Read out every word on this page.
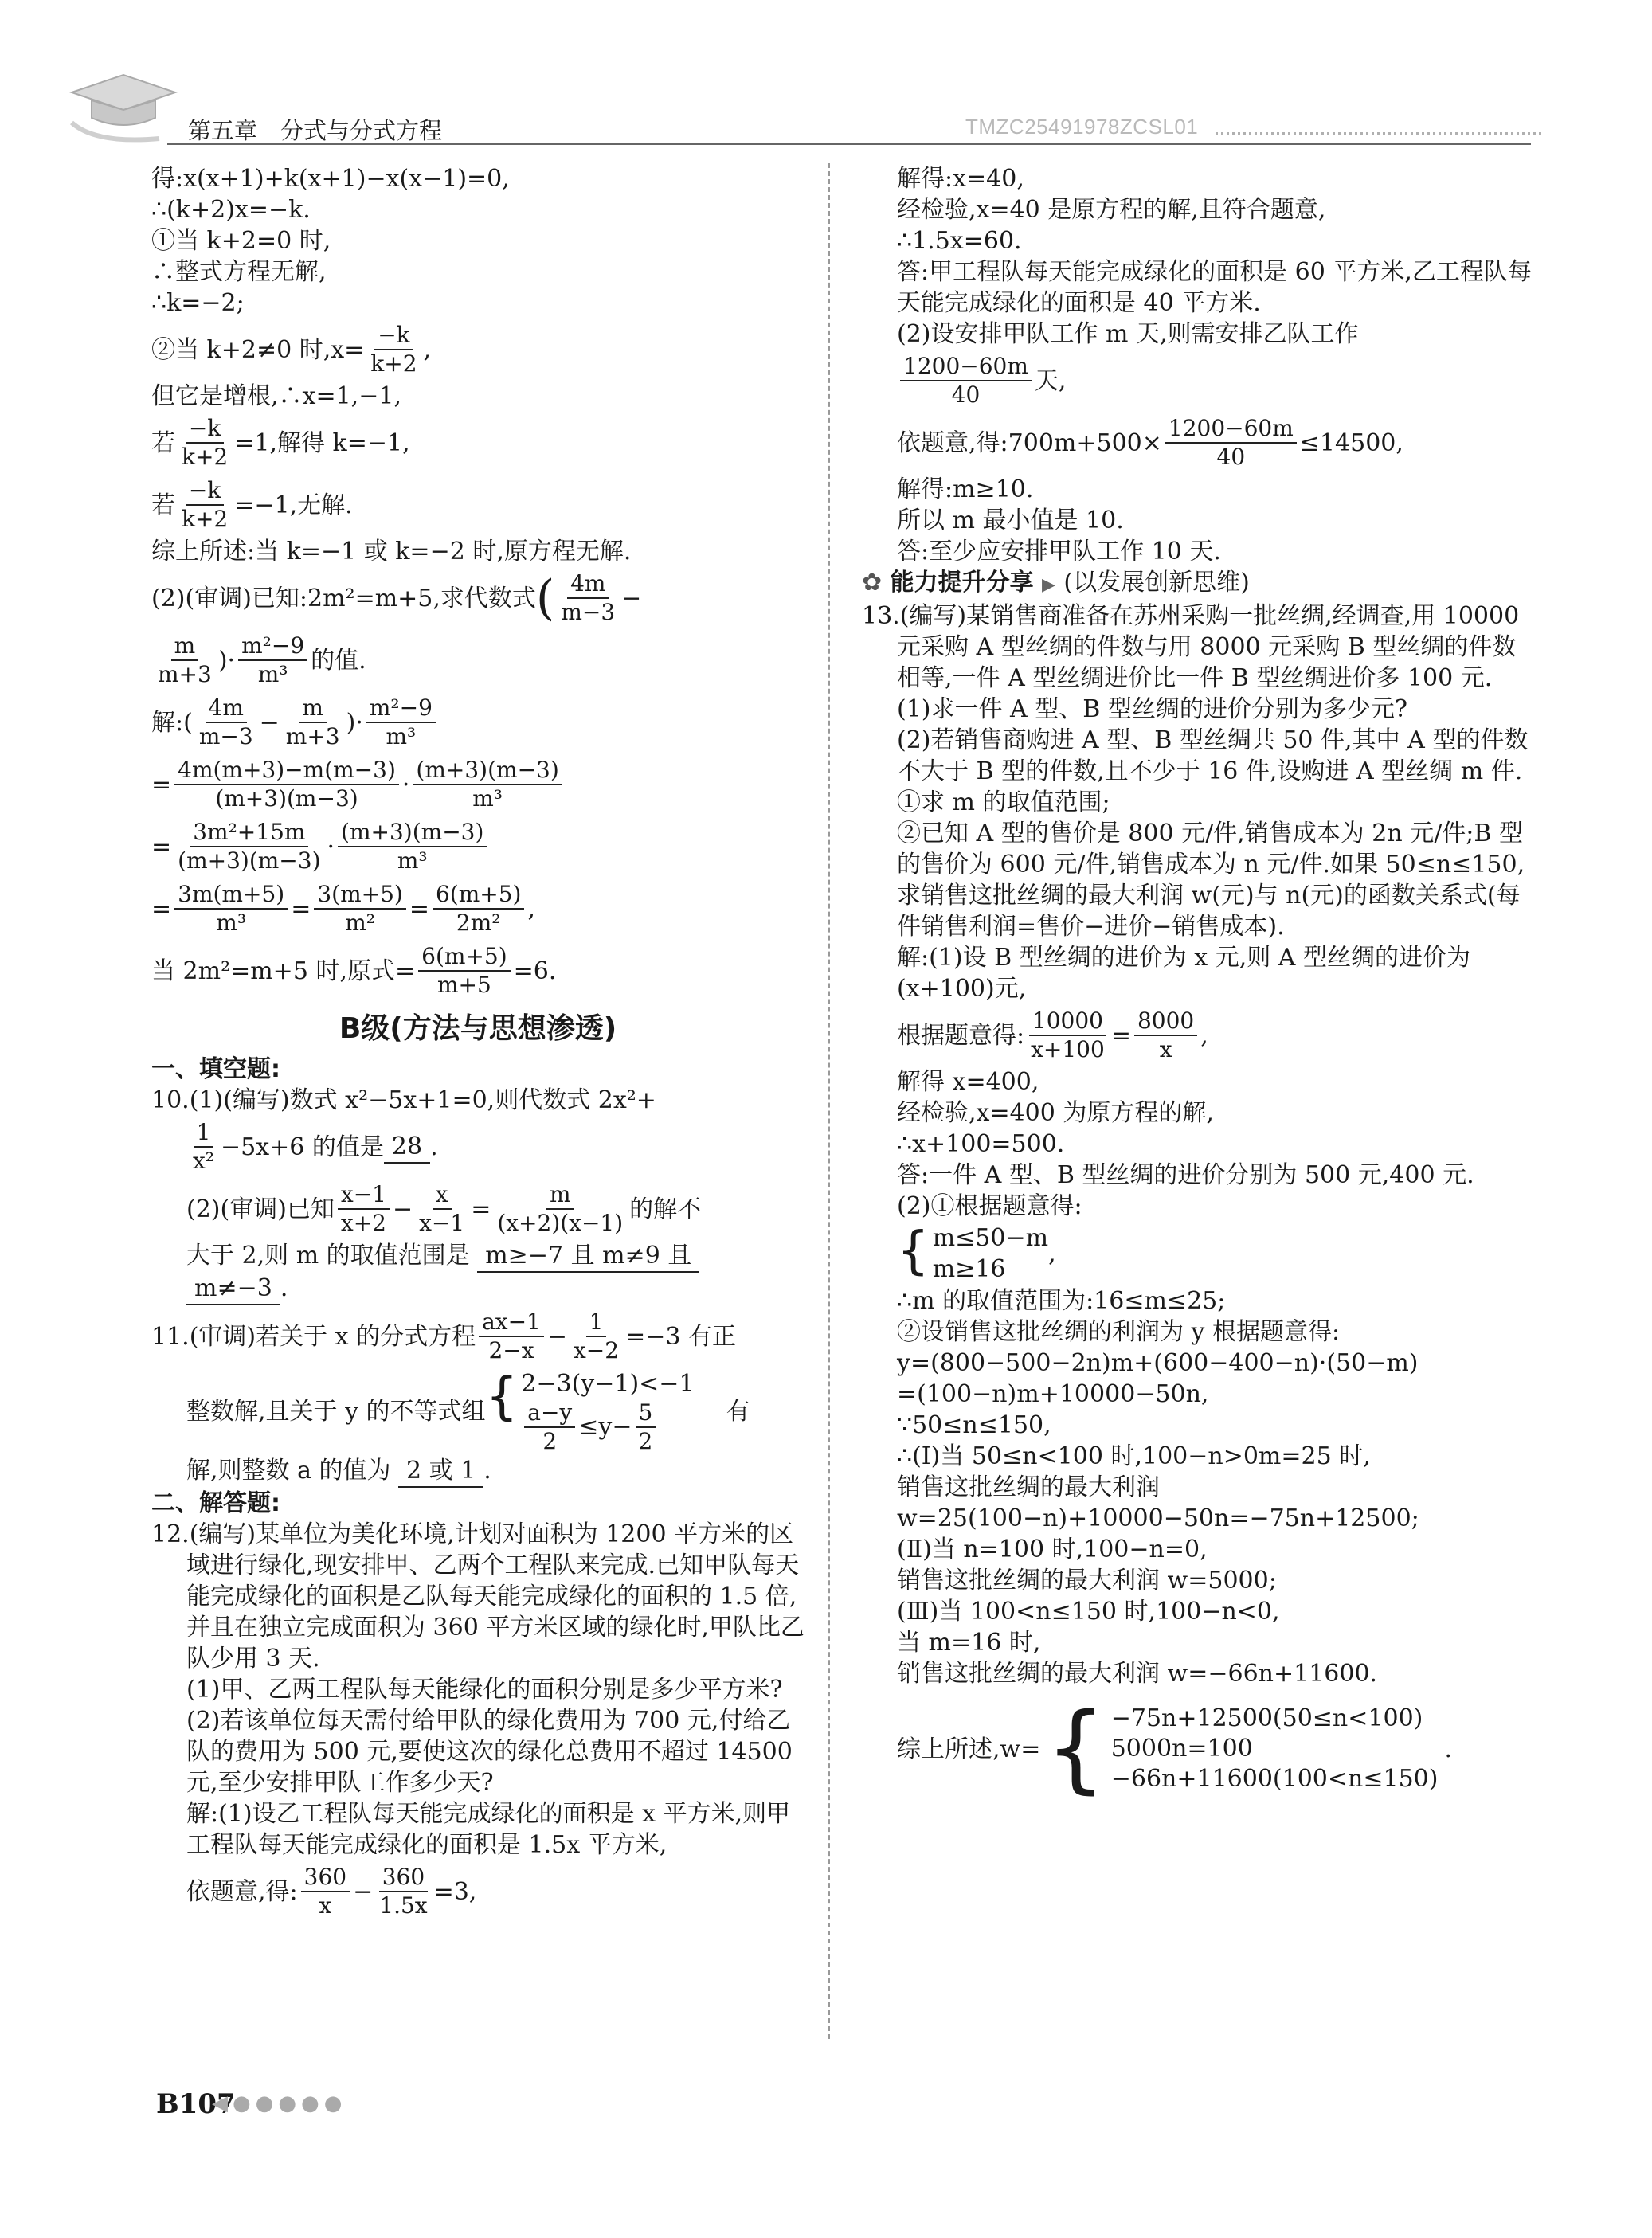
第五章　分式与分式方程	TMZC25491978ZCSL01
得:x(x+1)+k(x+1)−x(x−1)=0,
∴(k+2)x=−k.
①当 k+2=0 时,
∴整式方程无解,
∴k=−2;
②当 k+2≠0 时$,x= \frac{-k}{k+2}$ ,
但它是增根,∴x=1,−1,
若 $\frac{-k}{k+2} =1$,解得 k=−1,
若 $\frac{-k}{k+2} =-1$,无解.
综上所述:当 k=−1 或 k=−2 时,原方程无解.
(2)(审调)已知:2m²=m+5,求代数式 ( $\frac{4m}{m-3}$ −
$\frac{m}{m+3}$ )· $\frac{\text{m²−9}}{\text{m³}}$ 的值.
解:( $\frac{4m}{m-3} - \frac{m}{m+3}$ )· $\frac{\text{m²−9}}{\text{m³}}$
= $\frac{4m(m+3)-m(m-3)}{(m+3)(m-3)} \cdot \frac{(m+3)(m-3)}{\text{m³}}$
= $\frac{\text{3m²+15m}}{(m+3)(m-3)} \cdot \frac{(m+3)(m-3)}{\text{m³}}$
= $\frac{3m(m+5)}{\text{m³}} = \frac{3(m+5)}{\text{m²}} = \frac{6(m+5)}{\text{2m²}}$ ,
当 2m²=m+5 时,原式= $\frac{6(m+5)}{m+5} =6$.
B级(方法与思想渗透)
一、填空题:
10.(1)(编写)数式 x²−5x+1=0,则代数式 2x²+
$\frac{1}{\text{x²}} -5x+6$ 的值是 28 .
(2)(审调)已知 $\frac{x-1}{x+2} - \frac{x}{x-1} = \frac{m}{(x+2)(x-1)}$ 的解不
大于 2,则 m 的取值范围是 m≥−7 且 m≠9 且
m≠−3 .
11.(审调)若关于 x 的分式方程 $\frac{ax-1}{2-x} - \frac{1}{x-2} =-3$ 有正
整数解,且关于 y 的不等式组 { 2−3(y−1)<−1
$\frac{a-y}{2} \le y- \frac{5}{2}$	有
解,则整数 a 的值为 2 或 1 .
二、解答题:
12.(编写)某单位为美化环境,计划对面积为 1200 平方米的区域进行绿化,现安排甲、乙两个工程队来完成.已知甲队每天能完成绿化的面积是乙队每天能完成绿化的面积的 1.5 倍,并且在独立完成面积为 360 平方米区域的绿化时,甲队比乙队少用 3 天.
(1)甲、乙两工程队每天能绿化的面积分别是多少平方米?
(2)若该单位每天需付给甲队的绿化费用为 700 元,付给乙队的费用为 500 元,要使这次的绿化总费用不超过 14500 元,至少安排甲队工作多少天?
解:(1)设乙工程队每天能完成绿化的面积是 x 平方米,则甲工程队每天能完成绿化的面积是 1.5x 平方米,
依题意,得: $\frac{360}{x} - \frac{360}{1.5x} =3$,
解得:x=40,
经检验,x=40 是原方程的解,且符合题意,
∴1.5x=60.
答:甲工程队每天能完成绿化的面积是 60 平方米,乙工程队每天能完成绿化的面积是 40 平方米.
(2)设安排甲队工作 m 天,则需安排乙队工作
$\frac{1200-60m}{40}$ 天,
依题意,得:700m+500× $\frac{1200-60m}{40} \le 14500$,
解得:m≥10.
所以 m 最小值是 10.
答:至少应安排甲队工作 10 天.
✿ 能力提升分享 ▶ (以发展创新思维)
13.(编写)某销售商准备在苏州采购一批丝绸,经调查,用 10000 元采购 A 型丝绸的件数与用 8000 元采购 B 型丝绸的件数相等,一件 A 型丝绸进价比一件 B 型丝绸进价多 100 元.
(1)求一件 A 型、B 型丝绸的进价分别为多少元?
(2)若销售商购进 A 型、B 型丝绸共 50 件,其中 A 型的件数不大于 B 型的件数,且不少于 16 件,设购进 A 型丝绸 m 件.
①求 m 的取值范围;
②已知 A 型的售价是 800 元/件,销售成本为 2n 元/件;B 型的售价为 600 元/件,销售成本为 n 元/件.如果 50≤n≤150,求销售这批丝绸的最大利润 w(元)与 n(元)的函数关系式(每件销售利润=售价−进价−销售成本).
解:(1)设 B 型丝绸的进价为 x 元,则 A 型丝绸的进价为(x+100)元,
根据题意得: $\frac{10000}{x+100} = \frac{8000}{x}$ ,
解得 x=400,
经检验,x=400 为原方程的解,
∴x+100=500.
答:一件 A 型、B 型丝绸的进价分别为 500 元,400 元.
(2)①根据题意得:
{ m≤50−m
m≥16
,
∴m 的取值范围为:16≤m≤25;
②设销售这批丝绸的利润为 y 根据题意得:
y=(800−500−2n)m+(600−400−n)·(50−m)
=(100−n)m+10000−50n,
∵50≤n≤150,
∴(Ⅰ)当 50≤n<100 时,100−n>0m=25 时,
销售这批丝绸的最大利润
w=25(100−n)+10000−50n=−75n+12500;
(Ⅱ)当 n=100 时,100−n=0,
销售这批丝绸的最大利润 w=5000;
(Ⅲ)当 100<n≤150 时,100−n<0,
当 m=16 时,
销售这批丝绸的最大利润 w=−66n+11600.
综上所述,w= { −75n+12500(50≤n<100)
5000n=100
−66n+11600(100<n≤150)
.
B107
◀●●●●●
